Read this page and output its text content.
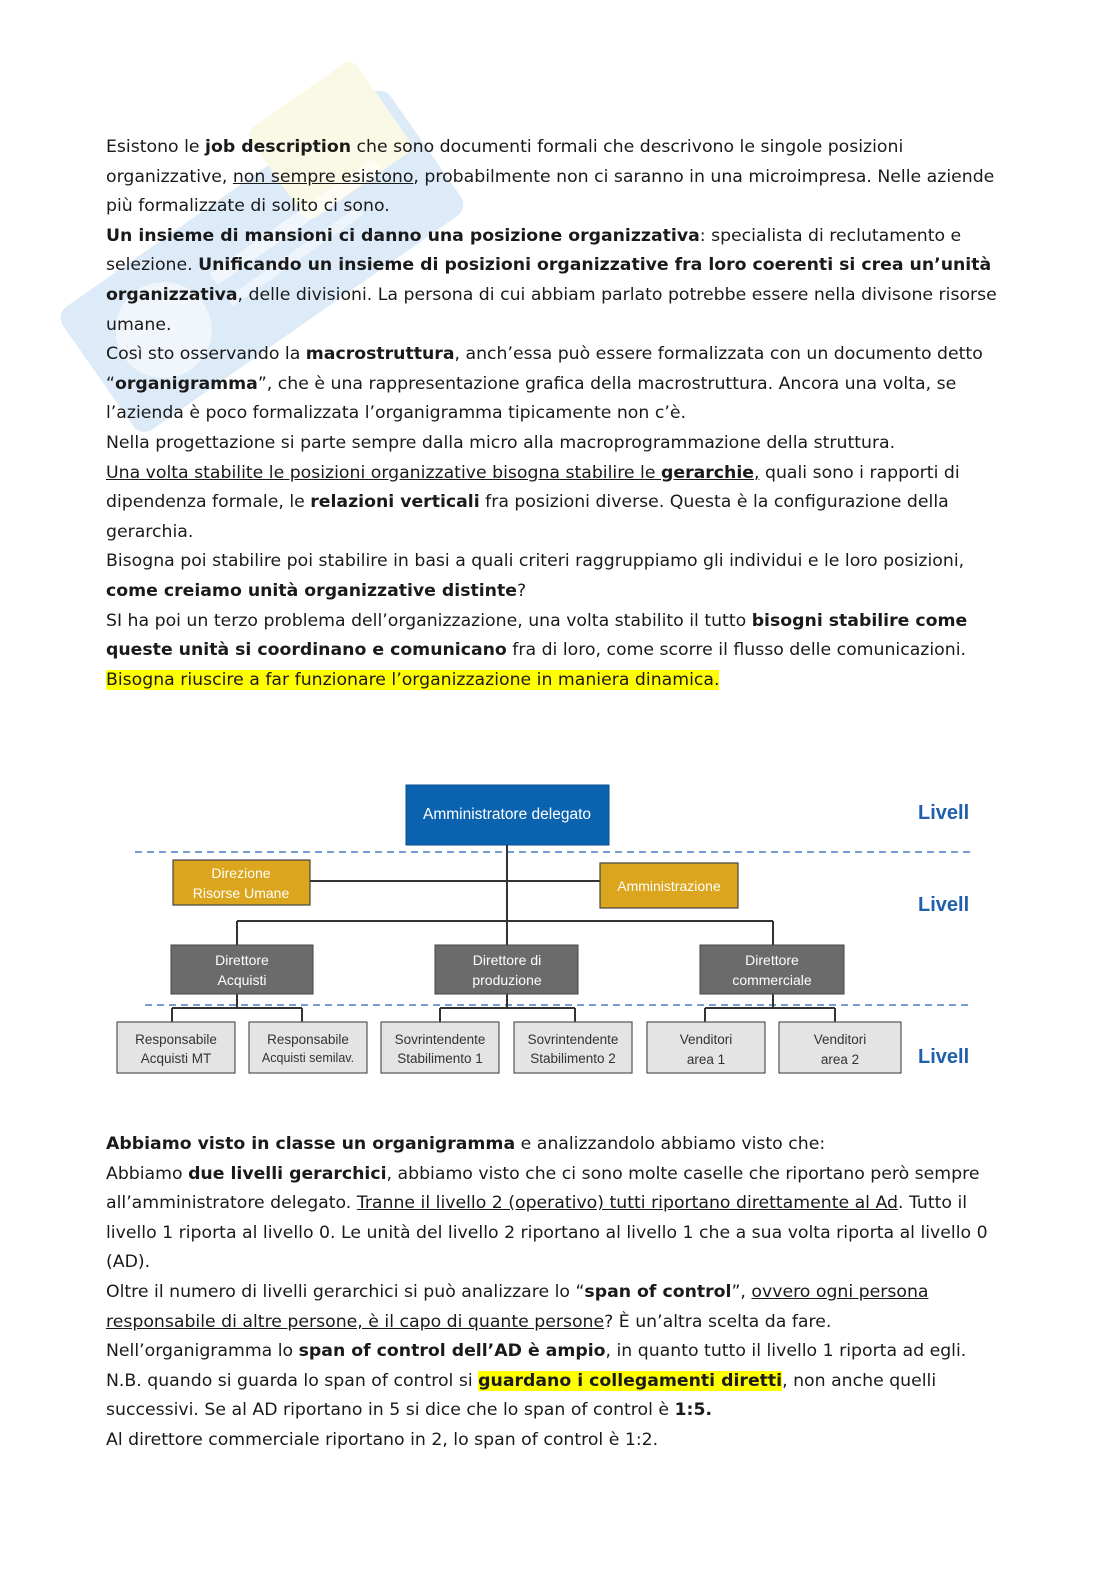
Esistono le job description che sono documenti formali che descrivono le singole posizioni organizzative, non sempre esistono, probabilmente non ci saranno in una microimpresa. Nelle aziende più formalizzate di solito ci sono.

Un insieme di mansioni ci danno una posizione organizzativa: specialista di reclutamento e selezione. Unificando un insieme di posizioni organizzative fra loro coerenti si crea un’unità organizzativa, delle divisioni. La persona di cui abbiam parlato potrebbe essere nella divisone risorse umane.

Così sto osservando la macrostruttura, anch’essa può essere formalizzata con un documento detto “organigramma”, che è una rappresentazione grafica della macrostruttura. Ancora una volta, se l’azienda è poco formalizzata l’organigramma tipicamente non c’è.

Nella progettazione si parte sempre dalla micro alla macroprogrammazione della struttura.

Una volta stabilite le posizioni organizzative bisogna stabilire le gerarchie, quali sono i rapporti di dipendenza formale, le relazioni verticali fra posizioni diverse. Questa è la configurazione della gerarchia.

Bisogna poi stabilire poi stabilire in basi a quali criteri raggruppiamo gli individui e le loro posizioni, come creiamo unità organizzative distinte?

SI ha poi un terzo problema dell’organizzazione, una volta stabilito il tutto bisogni stabilire come queste unità si coordinano e comunicano fra di loro, come scorre il flusso delle comunicazioni.

Bisogna riuscire a far funzionare l’organizzazione in maniera dinamica.

Amministratore delegato
Direzione
Risorse Umane	Amministrazione
Direttore
Acquisti
Direttore di
produzione
Direttore
commerciale
Responsabile
Acquisti MT
Responsabile
Acquisti semilav.
Sovrintendente
Stabilimento 1
Sovrintendente
Stabilimento 2
Venditori
area 1
Venditori
area 2
Livell
Livell
Livell

Abbiamo visto in classe un organigramma e analizzandolo abbiamo visto che:

Abbiamo due livelli gerarchici, abbiamo visto che ci sono molte caselle che riportano però sempre all’amministratore delegato. Tranne il livello 2 (operativo) tutti riportano direttamente al Ad. Tutto il livello 1 riporta al livello 0. Le unità del livello 2 riportano al livello 1 che a sua volta riporta al livello 0 (AD).

Oltre il numero di livelli gerarchici si può analizzare lo “span of control”, ovvero ogni persona responsabile di altre persone, è il capo di quante persone? È un’altra scelta da fare.

Nell’organigramma lo span of control dell’AD è ampio, in quanto tutto il livello 1 riporta ad egli.

N.B. quando si guarda lo span of control si guardano i collegamenti diretti, non anche quelli successivi. Se al AD riportano in 5 si dice che lo span of control è 1:5.

Al direttore commerciale riportano in 2, lo span of control è 1:2.
